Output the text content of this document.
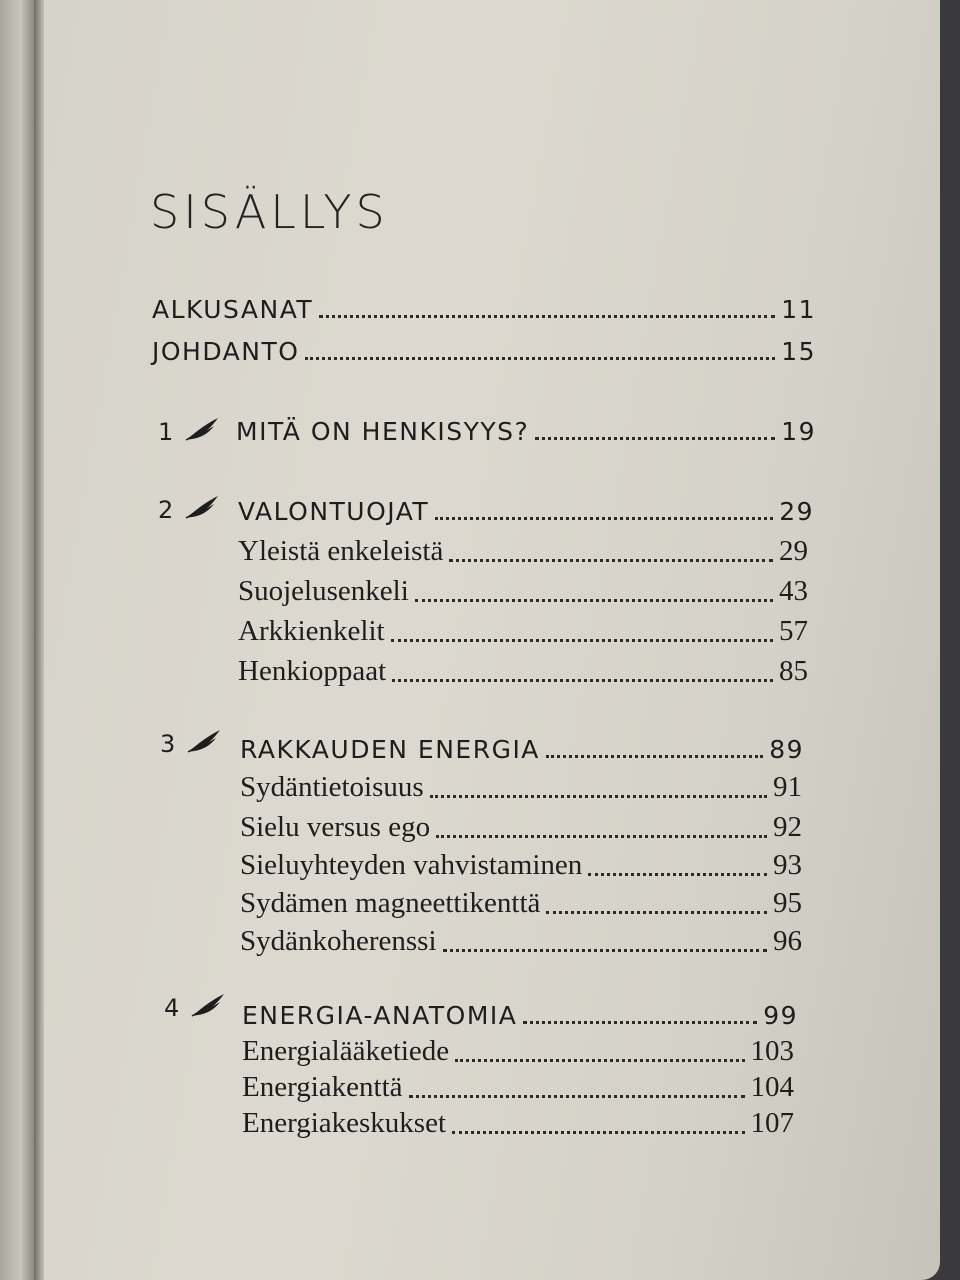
SISÄLLYS
ALKUSANAT	11
JOHDANTO	15
1	MITÄ ON HENKISYYS?	19
2	VALONTUOJAT	29
Yleistä enkeleistä	29
Suojelusenkeli	43
Arkkienkelit	57
Henkioppaat	85
3	RAKKAUDEN ENERGIA	89
Sydäntietoisuus	91
Sielu versus ego	92
Sieluyhteyden vahvistaminen	93
Sydämen magneettikenttä	95
Sydänkoherenssi	96
4	ENERGIA-ANATOMIA	99
Energialääketiede	103
Energiakenttä	104
Energiakeskukset	107
